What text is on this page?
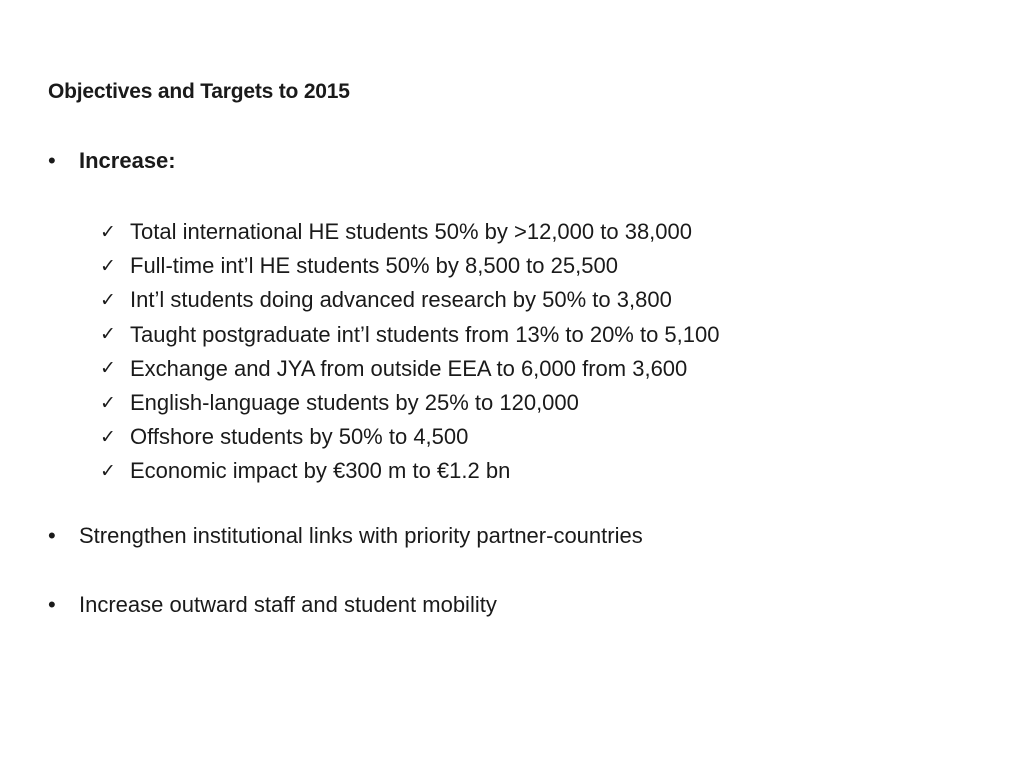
Objectives and Targets to 2015
•	Increase:
✓ Total international HE students 50% by >12,000 to 38,000
✓ Full-time int’l HE students 50% by 8,500 to 25,500
✓ Int’l students doing advanced research by 50% to 3,800
✓ Taught postgraduate int’l students from 13% to 20% to 5,100
✓ Exchange and JYA from outside EEA to 6,000 from 3,600
✓ English-language students by 25% to 120,000
✓ Offshore students by 50% to 4,500
✓ Economic impact by €300 m to €1.2 bn
•	Strengthen institutional links with priority partner-countries
•	Increase outward staff and student mobility
